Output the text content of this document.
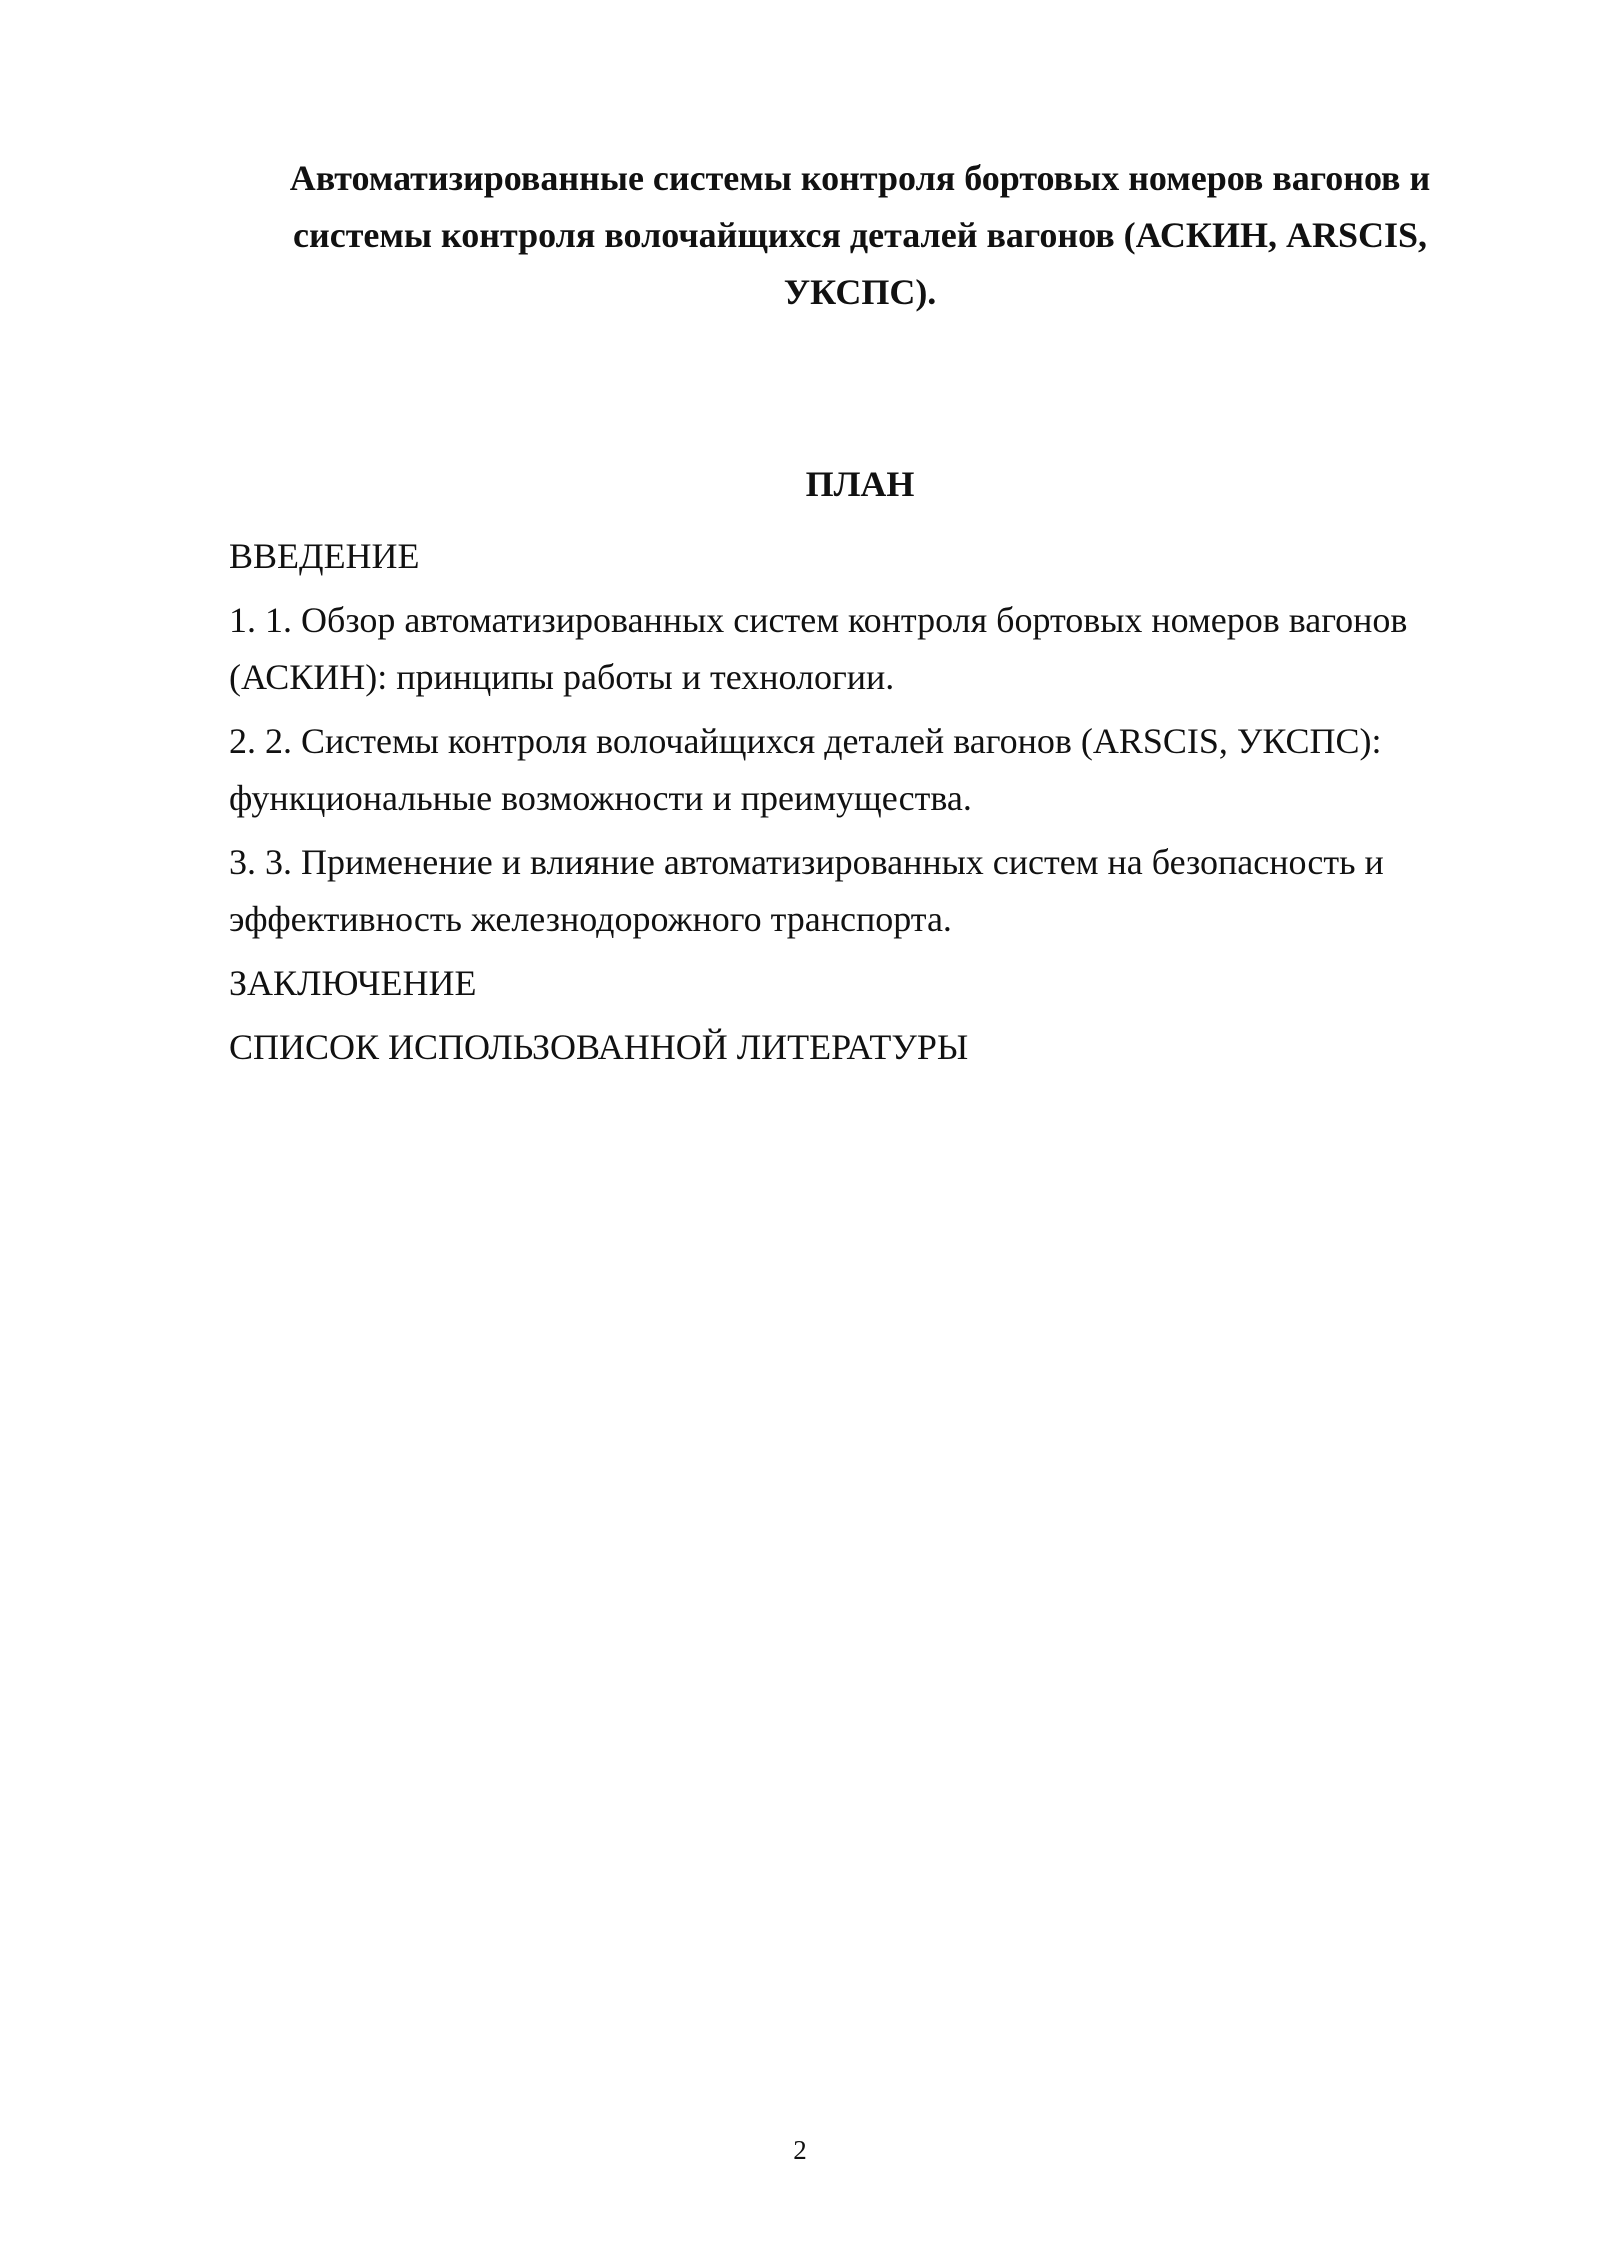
Автоматизированные системы контроля бортовых номеров вагонов и системы контроля волочайщихся деталей вагонов (АСКИН, ARSCIS, УКСПС).
ПЛАН

ВВЕДЕНИЕ

1. 1. Обзор автоматизированных систем контроля бортовых номеров вагонов (АСКИН): принципы работы и технологии.

2. 2. Системы контроля волочайщихся деталей вагонов (ARSCIS, УКСПС): функциональные возможности и преимущества.

3. 3. Применение и влияние автоматизированных систем на безопасность и эффективность железнодорожного транспорта.

ЗАКЛЮЧЕНИЕ

СПИСОК ИСПОЛЬЗОВАННОЙ ЛИТЕРАТУРЫ

2
